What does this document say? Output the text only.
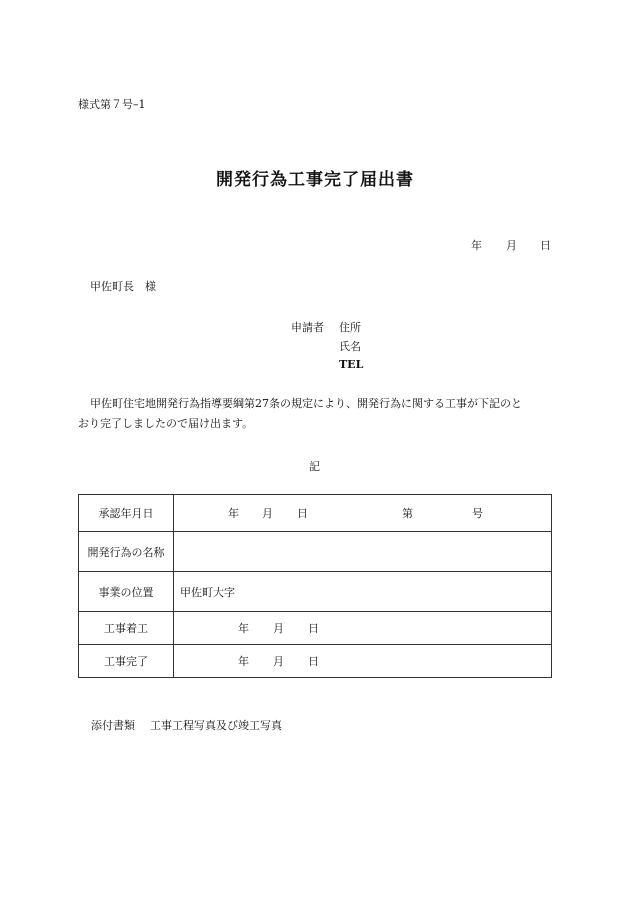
様式第７号–1
開発行為工事完了届出書
年 月 日
甲佐町長　様
申請者 住所
氏名
TEL
甲佐町住宅地開発行為指導要綱第27条の規定により、開発行為に関する工事が下記のと
おり完了しましたので届け出ます。
記
承認年月日	年 月 日 第 号

開発行為の名称	
事業の位置	甲佐町大字
工事着工	年 月 日

工事完了	年 月 日
添付書類 工事工程写真及び竣工写真
